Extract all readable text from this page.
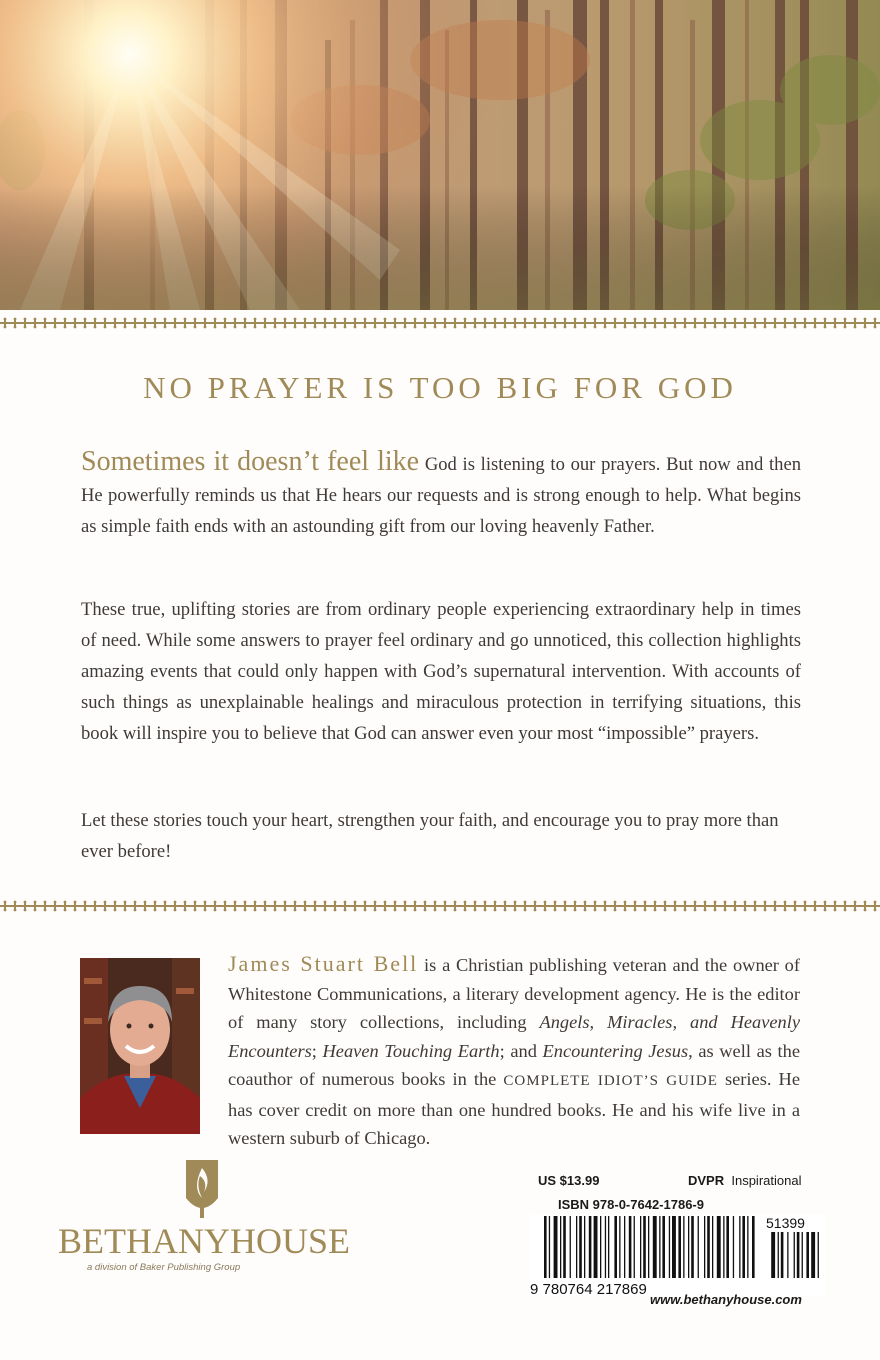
NO PRAYER IS TOO BIG FOR GOD

Sometimes it doesn’t feel like God is listening to our prayers. But now and then He powerfully reminds us that He hears our requests and is strong enough to help. What begins as simple faith ends with an astounding gift from our loving heavenly Father.

These true, uplifting stories are from ordinary people experiencing extraordinary help in times of need. While some answers to prayer feel ordinary and go unnoticed, this collection highlights amazing events that could only happen with God’s supernatural intervention. With accounts of such things as unexplainable healings and miraculous protection in terrifying situations, this book will inspire you to believe that God can answer even your most “impossible” prayers.

Let these stories touch your heart, strengthen your faith, and encourage you to pray more than ever before!

James Stuart Bell is a Christian publishing veteran and the owner of Whitestone Communications, a literary development agency. He is the editor of many story collections, including Angels, Miracles, and Heavenly Encounters; Heaven Touching Earth; and Encountering Jesus, as well as the coauthor of numerous books in the COMPLETE IDIOT’S GUIDE series. He has cover credit on more than one hundred books. He and his wife live in a western suburb of Chicago.

BETHANYHOUSE
a division of Baker Publishing Group
US $13.99	DVPR Inspirational
ISBN 978-0-7642-1786-9
9 780764 217869
51399
www.bethanyhouse.com
